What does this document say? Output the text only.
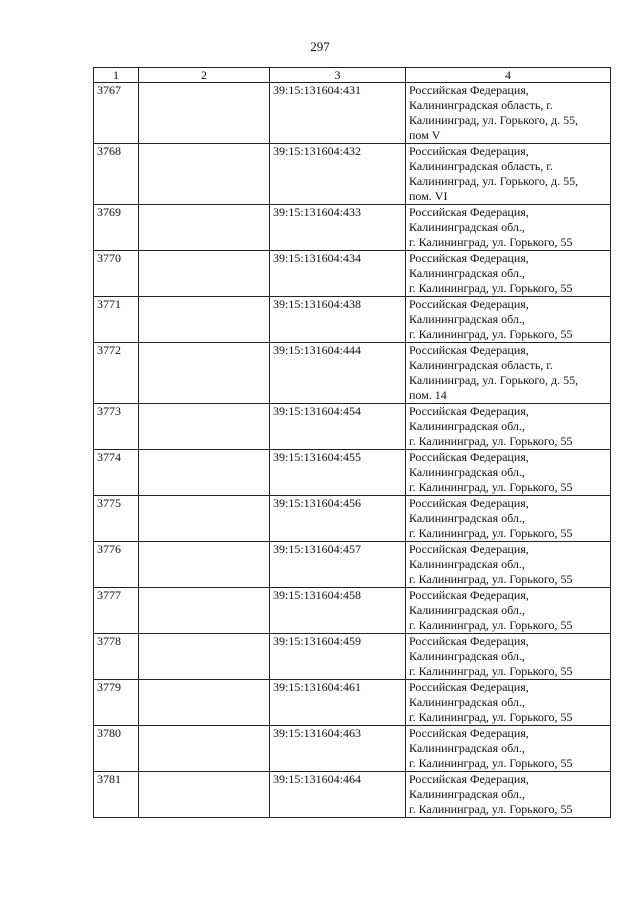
297
1	2	3	4
3767		39:15:131604:431	Российская Федерация,
Калининградская область, г.
Калининград, ул. Горького, д. 55,
пом V

3768		39:15:131604:432	Российская Федерация,
Калининградская область, г.
Калининград, ул. Горького, д. 55,
пом. VI

3769		39:15:131604:433	Российская Федерация,
Калининградская обл.,
г. Калининград, ул. Горького, 55

3770		39:15:131604:434	Российская Федерация,
Калининградская обл.,
г. Калининград, ул. Горького, 55

3771		39:15:131604:438	Российская Федерация,
Калининградская обл.,
г. Калининград, ул. Горького, 55

3772		39:15:131604:444	Российская Федерация,
Калининградская область, г.
Калининград, ул. Горького, д. 55,
пом. 14

3773		39:15:131604:454	Российская Федерация,
Калининградская обл.,
г. Калининград, ул. Горького, 55

3774		39:15:131604:455	Российская Федерация,
Калининградская обл.,
г. Калининград, ул. Горького, 55

3775		39:15:131604:456	Российская Федерация,
Калининградская обл.,
г. Калининград, ул. Горького, 55

3776		39:15:131604:457	Российская Федерация,
Калининградская обл.,
г. Калининград, ул. Горького, 55

3777		39:15:131604:458	Российская Федерация,
Калининградская обл.,
г. Калининград, ул. Горького, 55

3778		39:15:131604:459	Российская Федерация,
Калининградская обл.,
г. Калининград, ул. Горького, 55

3779		39:15:131604:461	Российская Федерация,
Калининградская обл.,
г. Калининград, ул. Горького, 55

3780		39:15:131604:463	Российская Федерация,
Калининградская обл.,
г. Калининград, ул. Горького, 55

3781		39:15:131604:464	Российская Федерация,
Калининградская обл.,
г. Калининград, ул. Горького, 55
